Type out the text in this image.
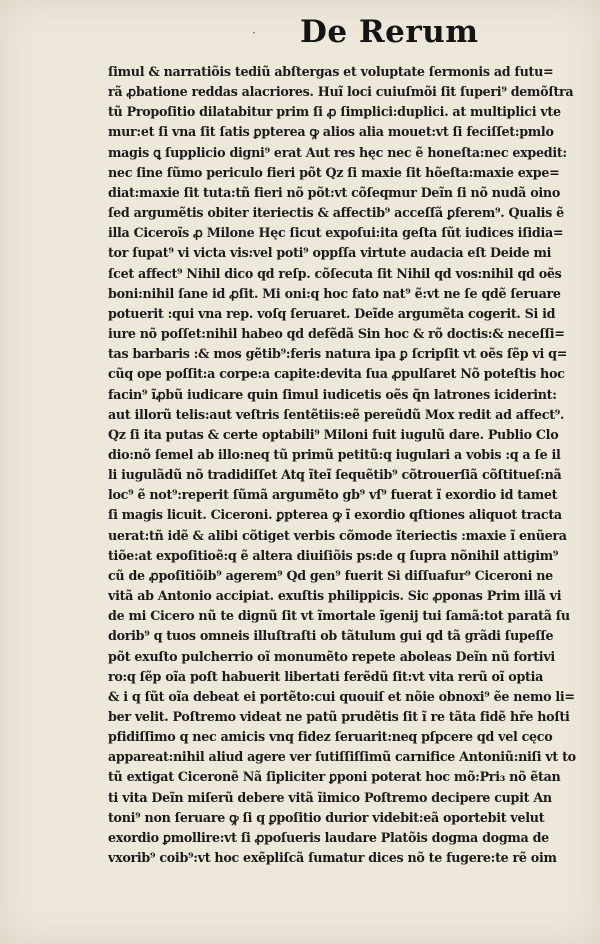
· De Rerum
ſimul & narratiõis tediũ abſtergas et voluptate ſermonis ad futu=
rã ꝓbatione reddas alacriores. Huĩ loci cuiuſmõi ſit ſuperi⁹ demõſtra
tũ Propoſitio dilatabitur prim ſi ꝓ ſimplici:duplici. at multiplici vte
mur:et ſi vna ſit ſatis ꝑpterea ꝙ alios alia mouet:vt ſi feciſſet:pmlo
magis ꝗ ſupplicio digni⁹ erat Aut res hęc nec ẽ honeſta:nec expedit:
nec ſine ſũmo periculo fieri põt Qz ſi maxie ſit hõeſta:maxie expe=
diat:maxie ſit tuta:tñ fieri nõ põt:vt cõſeqmur Deĩn ſi nõ nudã oino
ſed argumẽtis obiter iteriectis & affectib⁹ acceſſã ꝑferem⁹. Qualis ẽ
illa Ciceroĩs ꝓ Milone Hęc ſicut expoſui:ita geſta ſũt iudices iſidia=
tor ſupat⁹ vi victa vis:vel poti⁹ oppſſa virtute audacia eſt Deide mi
ſcet affect⁹ Nihil dico qd reſp. cõſecuta ſit Nihil qd vos:nihil qd oẽs
boni:nihil ſane id ꝓſit. Mi oni:q hoc fato nat⁹ ẽ:vt ne ſe qdẽ ſeruare
potuerit :qui vna rep. voſq ſeruaret. Deĩde argumẽta cogerit. Si id
iure nõ poſſet:nihil habeo qd defẽdã Sin hoc & rõ doctis:& neceſſi=
tas barbaris :& mos gẽtib⁹:feris natura ipa ꝑ ſcripſit vt oẽs ſẽp vi q=
cũq ope poſſit:a corpe:a capite:devita ſua ꝓpulſaret Nõ poteſtis hoc
facin⁹ ĩꝓbũ iudicare quin ſimul iudicetis oẽs q̃n latrones iciderint:
aut illorũ telis:aut veſtris ſentẽtiis:eẽ pereũdũ Mox redit ad affect⁹.
Qz ſi ita putas & certe optabili⁹ Miloni fuit iugulũ dare. Publio Clo
dio:nõ ſemel ab illo:neq tũ primũ petitũ:q iugulari a vobis :q a ſe il
li iugulãdũ nõ tradidiſſet Atq ĩteĩ ſequẽtib⁹ cõtrouerſiã cõſtitueſ:nã
loc⁹ ẽ not⁹:reperit ſũmã argumẽto gb⁹ vſ⁹ fuerat ĩ exordio id tamet
ſi magis licuit. Ciceroni. ꝑpterea ꝙ ĩ exordio qſtiones aliquot tracta
uerat:tñ idẽ & alibi cõtiget verbis cõmode ĩteriectis :maxie ĩ enũera
tiõe:at expoſitioẽ:q ẽ altera diuiſiõis ps:de q ſupra nõnihil attigim⁹
cũ de ꝓpoſitiõib⁹ agerem⁹ Qd gen⁹ fuerit Si diſſuafur⁹ Ciceroni ne
vitã ab Antonio accipiat. exuſtis philippicis. Sic ꝓponas Prim illã vi
de mi Cicero nũ te dignũ ſit vt ĩmortale ĩgenij tui ſamã:tot paratã ſu
dorib⁹ q tuos omneis illuſtraſti ob tãtulum gui qd tã grãdi ſupeſſe
põt exuſto pulcherrio oĩ monumẽto repete aboleas Deĩn nũ fortivi
ro:q ſẽp oĩa poſt habuerit libertati ferẽdũ ſit:vt vita rerũ oĩ optia
& i q ſũt oĩa debeat ei portẽto:cui quouiſ et nõie obnoxi⁹ ẽe nemo li=
ber velit. Poſtremo videat ne patũ prudẽtis ſit ĩ re tãta fidẽ hr̃e hoſti
pfidiſſimo q nec amicis vnq fidez ſeruarit:neq pſpcere qd vel cęco
appareat:nihil aliud agere ver ſutiſſiſſimũ carnifice Antoniũ:niſi vt to
tũ extigat Ciceronẽ Nã ſipliciter ꝑponi poterat hoc mõ:Pri₃ nõ ẽtan
ti vita Deĩn miſerũ debere vitã ĩimico Poſtremo decipere cupit An
toni⁹ non ſeruare ꝙ ſi q ꝑpoſitio durior videbit:eã oportebit velut
exordio ꝑmollire:vt ſi ꝓpoſueris laudare Platõis dogma dogma de
vxorib⁹ coib⁹:vt hoc exẽpliſcã ſumatur dices nõ te fugere:te rẽ oim
